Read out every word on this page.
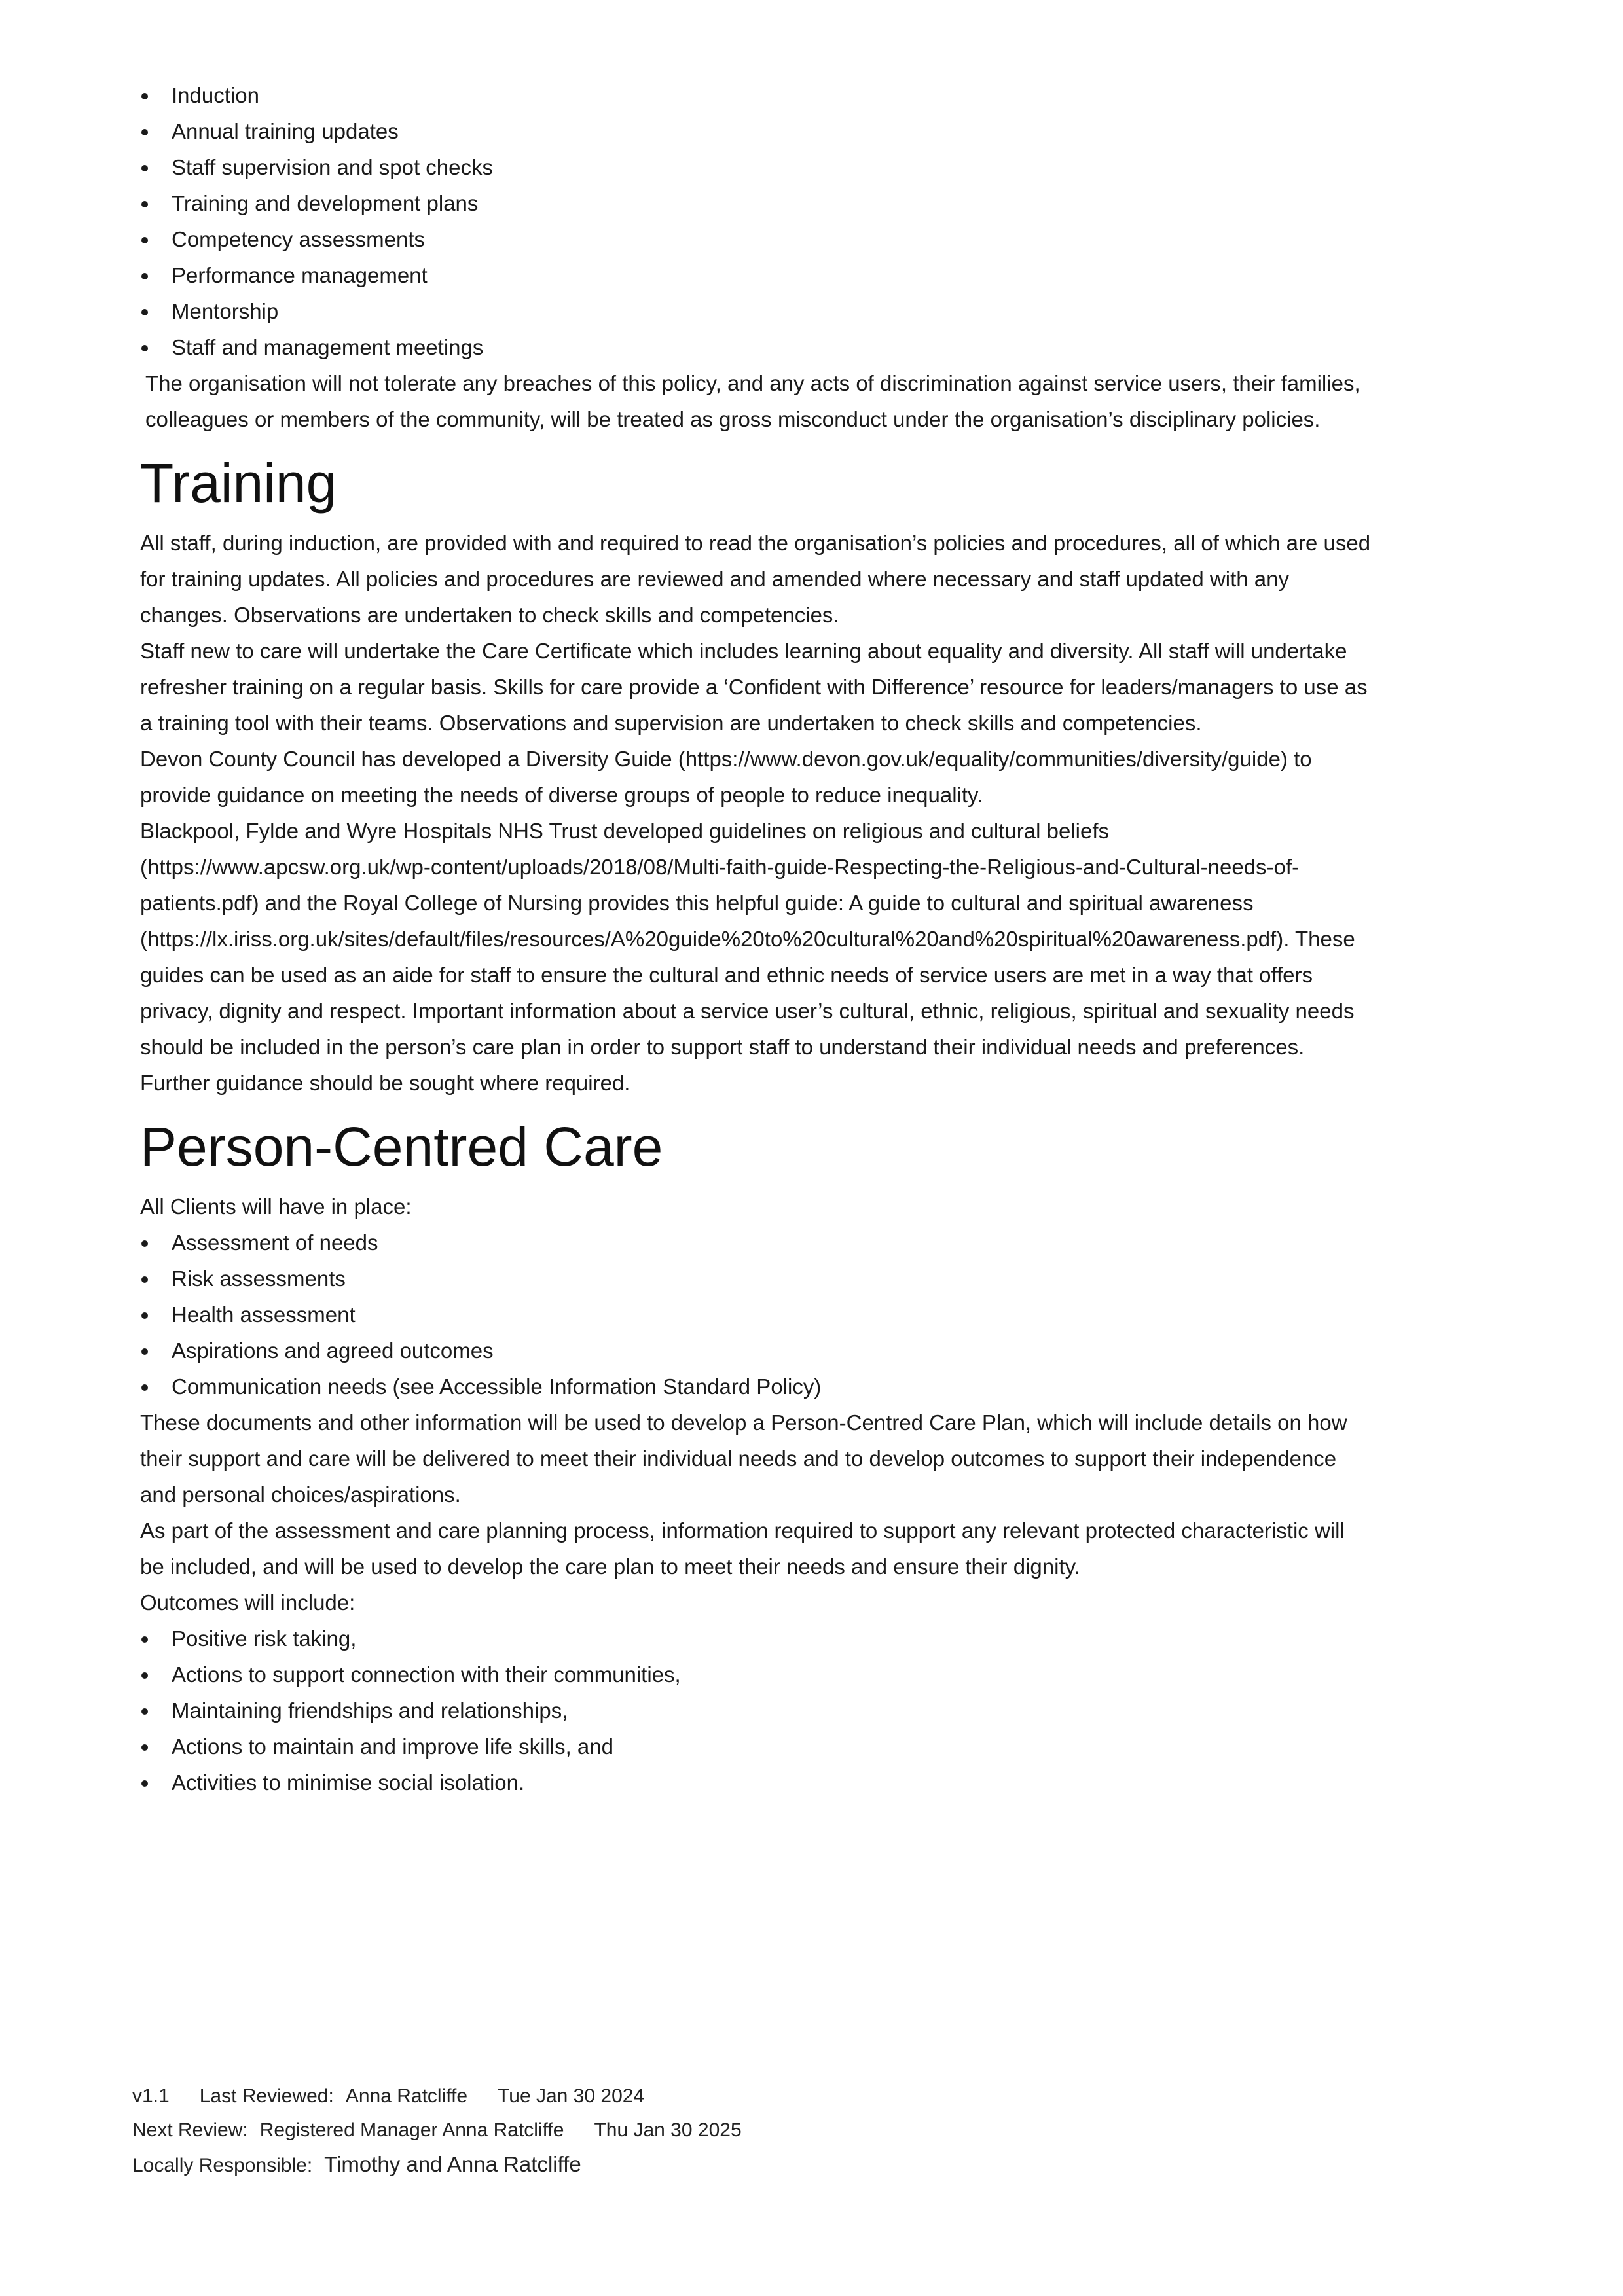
Induction
Annual training updates
Staff supervision and spot checks
Training and development plans
Competency assessments
Performance management
Mentorship
Staff and management meetings

The organisation will not tolerate any breaches of this policy, and any acts of discrimination against service users, their families, colleagues or members of the community, will be treated as gross misconduct under the organisation’s disciplinary policies.

Training

All staff, during induction, are provided with and required to read the organisation’s policies and procedures, all of which are used for training updates. All policies and procedures are reviewed and amended where necessary and staff updated with any changes. Observations are undertaken to check skills and competencies.

Staff new to care will undertake the Care Certificate which includes learning about equality and diversity. All staff will undertake refresher training on a regular basis. Skills for care provide a ‘Confident with Difference’ resource for leaders/managers to use as a training tool with their teams. Observations and supervision are undertaken to check skills and competencies.

Devon County Council has developed a Diversity Guide (https://www.devon.gov.uk/equality/communities/diversity/guide) to provide guidance on meeting the needs of diverse groups of people to reduce inequality.

Blackpool, Fylde and Wyre Hospitals NHS Trust developed guidelines on religious and cultural beliefs (https://www.apcsw.org.uk/wp-content/uploads/2018/08/Multi-faith-guide-Respecting-the-Religious-and-Cultural-needs-of-patients.pdf) and the Royal College of Nursing provides this helpful guide: A guide to cultural and spiritual awareness (https://lx.iriss.org.uk/sites/default/files/resources/A%20guide%20to%20cultural%20and%20spiritual%20awareness.pdf). These guides can be used as an aide for staff to ensure the cultural and ethnic needs of service users are met in a way that offers privacy, dignity and respect. Important information about a service user’s cultural, ethnic, religious, spiritual and sexuality needs should be included in the person’s care plan in order to support staff to understand their individual needs and preferences. Further guidance should be sought where required.

Person-Centred Care

All Clients will have in place:

Assessment of needs
Risk assessments
Health assessment
Aspirations and agreed outcomes
Communication needs (see Accessible Information Standard Policy)

These documents and other information will be used to develop a Person-Centred Care Plan, which will include details on how their support and care will be delivered to meet their individual needs and to develop outcomes to support their independence and personal choices/aspirations.

As part of the assessment and care planning process, information required to support any relevant protected characteristic will be included, and will be used to develop the care plan to meet their needs and ensure their dignity.

Outcomes will include:

Positive risk taking,
Actions to support connection with their communities,
Maintaining friendships and relationships,
Actions to maintain and improve life skills, and
Activities to minimise social isolation.
v1.1 Last Reviewed: Anna Ratcliffe Tue Jan 30 2024
Next Review: Registered Manager Anna Ratcliffe Thu Jan 30 2025
Locally Responsible: Timothy and Anna Ratcliffe
